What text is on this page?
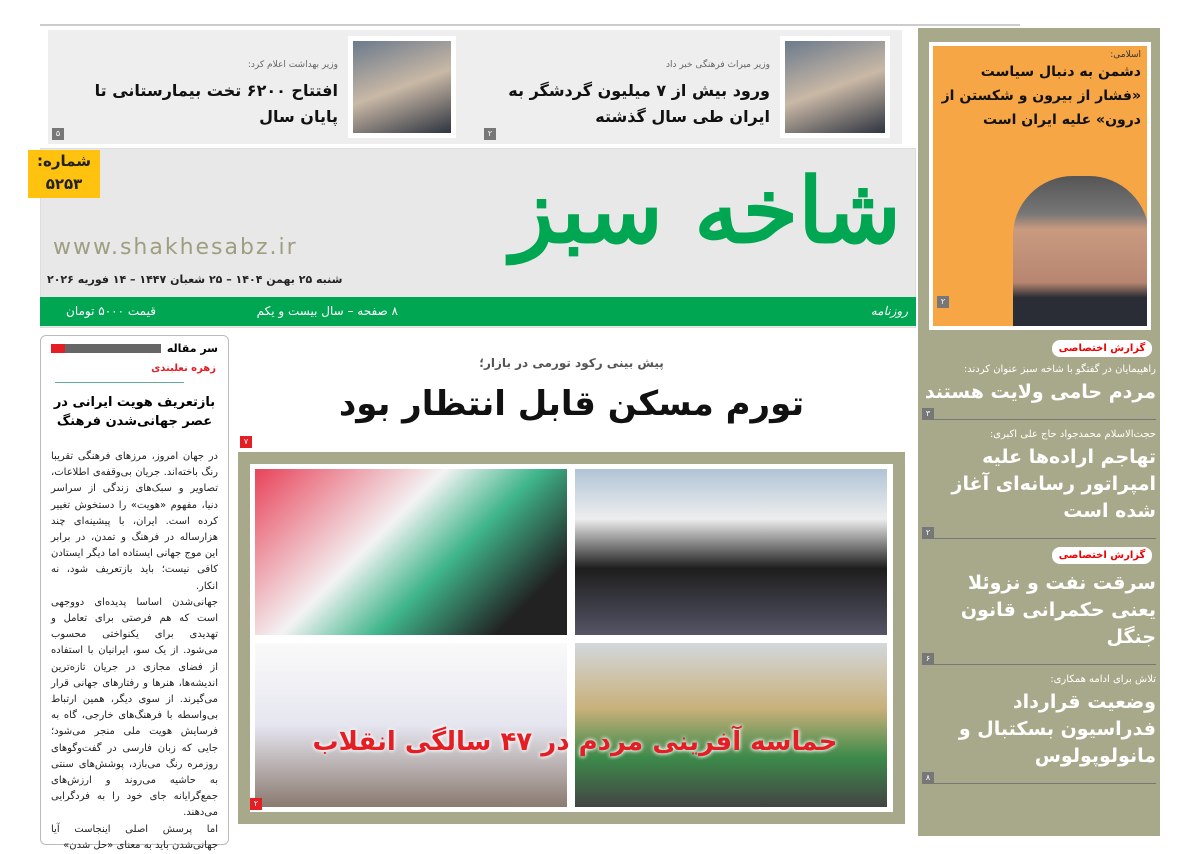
وزیر میراث فرهنگی خبر داد
ورود بیش از ۷ میلیون گردشگر به ایران طی سال گذشته
۲
وزیر بهداشت اعلام کرد:
افتتاح ۶۲۰۰ تخت بیمارستانی تا پایان سال
۵
شاخه سبز
www.shakhesabz.ir
شنبه ۲۵ بهمن ۱۴۰۴ – ۲۵ شعبان ۱۴۴۷ – ۱۴ فوریه ۲۰۲۶
روزنامه
۸ صفحه – سال بیست و یکم
قیمت ۵۰۰۰ تومان
شماره:
۵۲۵۳
اسلامی:
دشمن به دنبال سیاست «فشار از بیرون و شکستن از درون» علیه ایران است
۲
گزارش اختصاصی
راهپیمایان در گفتگو با شاخه سبز عنوان کردند:
مردم حامی ولایت هستند
۳
حجت‌الاسلام محمدجواد حاج علی اکبری:
تهاجم اراده‌ها علیه امپراتور رسانه‌ای آغاز شده است
۲
گزارش اختصاصی
سرقت نفت و نزوئلا یعنی حکمرانی قانون جنگل
۶
تلاش برای ادامه همکاری:
وضعیت قرارداد فدراسیون بسکتبال و مانولوپولوس
۸
سر مقاله
زهره نعلبندی
بازتعریف هویت ایرانی در عصر جهانی‌شدن فرهنگ

در جهان امروز، مرزهای فرهنگی تقریبا رنگ باخته‌اند. جریان بی‌وقفه‌ی اطلاعات، تصاویر و سبک‌های زندگی از سراسر دنیا، مفهوم «هویت» را دستخوش تغییر کرده است. ایران، با پیشینه‌ای چند هزارساله در فرهنگ و تمدن، در برابر این موج جهانی ایستاده اما دیگر ایستادن کافی نیست؛ باید بازتعریف شود، نه انکار.

جهانی‌شدن اساسا پدیده‌ای دووجهی است که هم فرصتی برای تعامل و تهدیدی برای یکنواختی محسوب می‌شود. از یک سو، ایرانیان با استفاده از فضای مجازی در جریان تازه‌ترین اندیشه‌ها، هنرها و رفتارهای جهانی قرار می‌گیرند. از سوی دیگر، همین ارتباط بی‌واسطه با فرهنگ‌های خارجی، گاه به فرسایش هویت ملی منجر می‌شود؛ جایی که زبان فارسی در گفت‌وگوهای روزمره رنگ می‌بازد، پوشش‌های سنتی به حاشیه می‌روند و ارزش‌های جمع‌گرایانه جای خود را به فردگرایی می‌دهند.

اما پرسش اصلی اینجاست آیا جهانی‌شدن باید به معنای «حل شدن»

پیش بینی رکود تورمی در بازار؛
تورم مسکن قابل انتظار بود
۷
حماسه آفرینی مردم در ۴۷ سالگی انقلاب
۲
